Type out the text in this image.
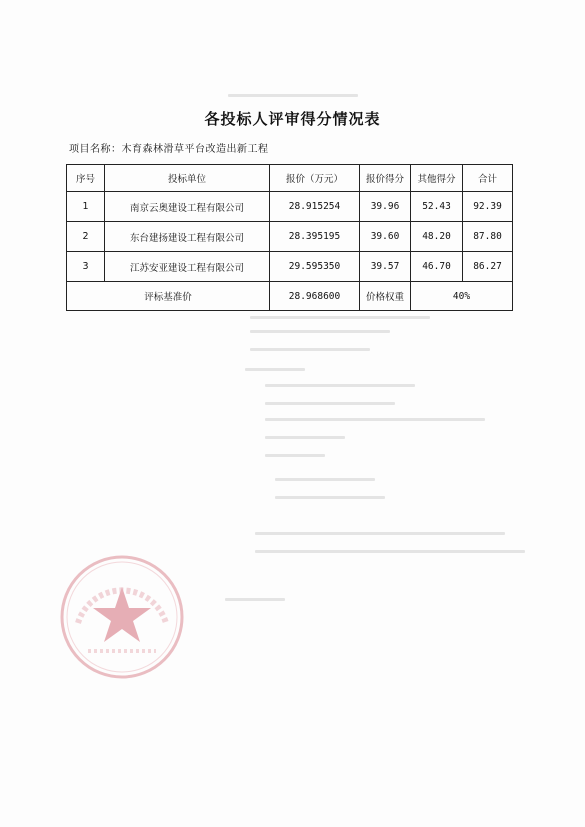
各投标人评审得分情况表
项目名称：木育森林滑草平台改造出新工程
序号	投标单位	报价（万元）	报价得分	其他得分	合计
1	南京云奥建设工程有限公司	28.915254	39.96	52.43	92.39
2	东台建扬建设工程有限公司	28.395195	39.60	48.20	87.80
3	江苏安亚建设工程有限公司	29.595350	39.57	46.70	86.27
评标基准价		28.968600	价格权重	40%	
